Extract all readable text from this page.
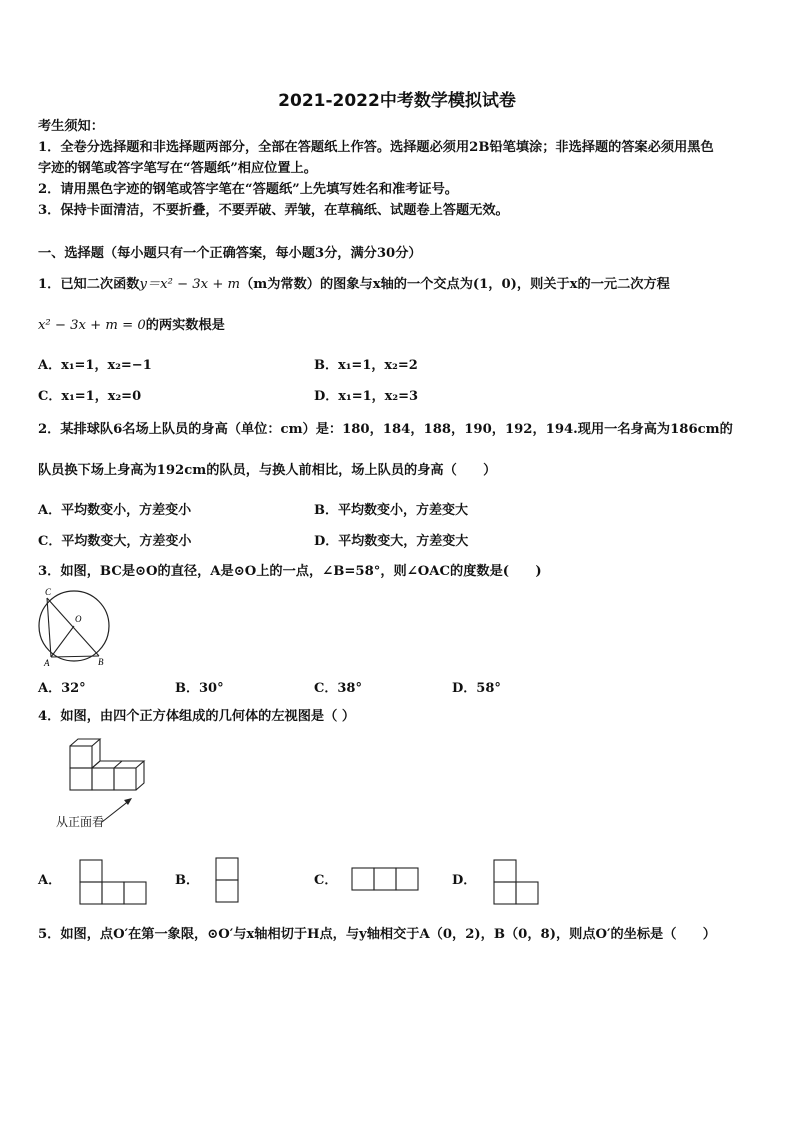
2021-2022中考数学模拟试卷
考生须知：
1．全卷分选择题和非选择题两部分，全部在答题纸上作答。选择题必须用2B铅笔填涂；非选择题的答案必须用黑色
字迹的钢笔或答字笔写在“答题纸”相应位置上。
2．请用黑色字迹的钢笔或答字笔在“答题纸”上先填写姓名和准考证号。
3．保持卡面清洁，不要折叠，不要弄破、弄皱，在草稿纸、试题卷上答题无效。
一、选择题（每小题只有一个正确答案，每小题3分，满分30分）
1．已知二次函数y＝x² − 3x + m（m为常数）的图象与x轴的一个交点为(1，0)，则关于x的一元二次方程
x² − 3x + m = 0的两实数根是
A．x₁=1，x₂=−1	B．x₁=1，x₂=2
C．x₁=1，x₂=0	D．x₁=1，x₂=3
2．某排球队6名场上队员的身高（单位：cm）是：180，184，188，190，192，194.现用一名身高为186cm的
队员换下场上身高为192cm的队员，与换人前相比，场上队员的身高（　　）
A．平均数变小，方差变小	B．平均数变小，方差变大
C．平均数变大，方差变小	D．平均数变大，方差变大
3．如图，BC是⊙O的直径，A是⊙O上的一点，∠B=58°，则∠OAC的度数是(　　)
C
O
A	B
A．32°	B．30°	C．38°	D．58°
4．如图，由四个正方体组成的几何体的左视图是（ ）
从正面看
A．	B．	C．	D．
5．如图，点O′在第一象限，⊙O′与x轴相切于H点，与y轴相交于A（0，2)，B（0，8)，则点O′的坐标是（　　）
